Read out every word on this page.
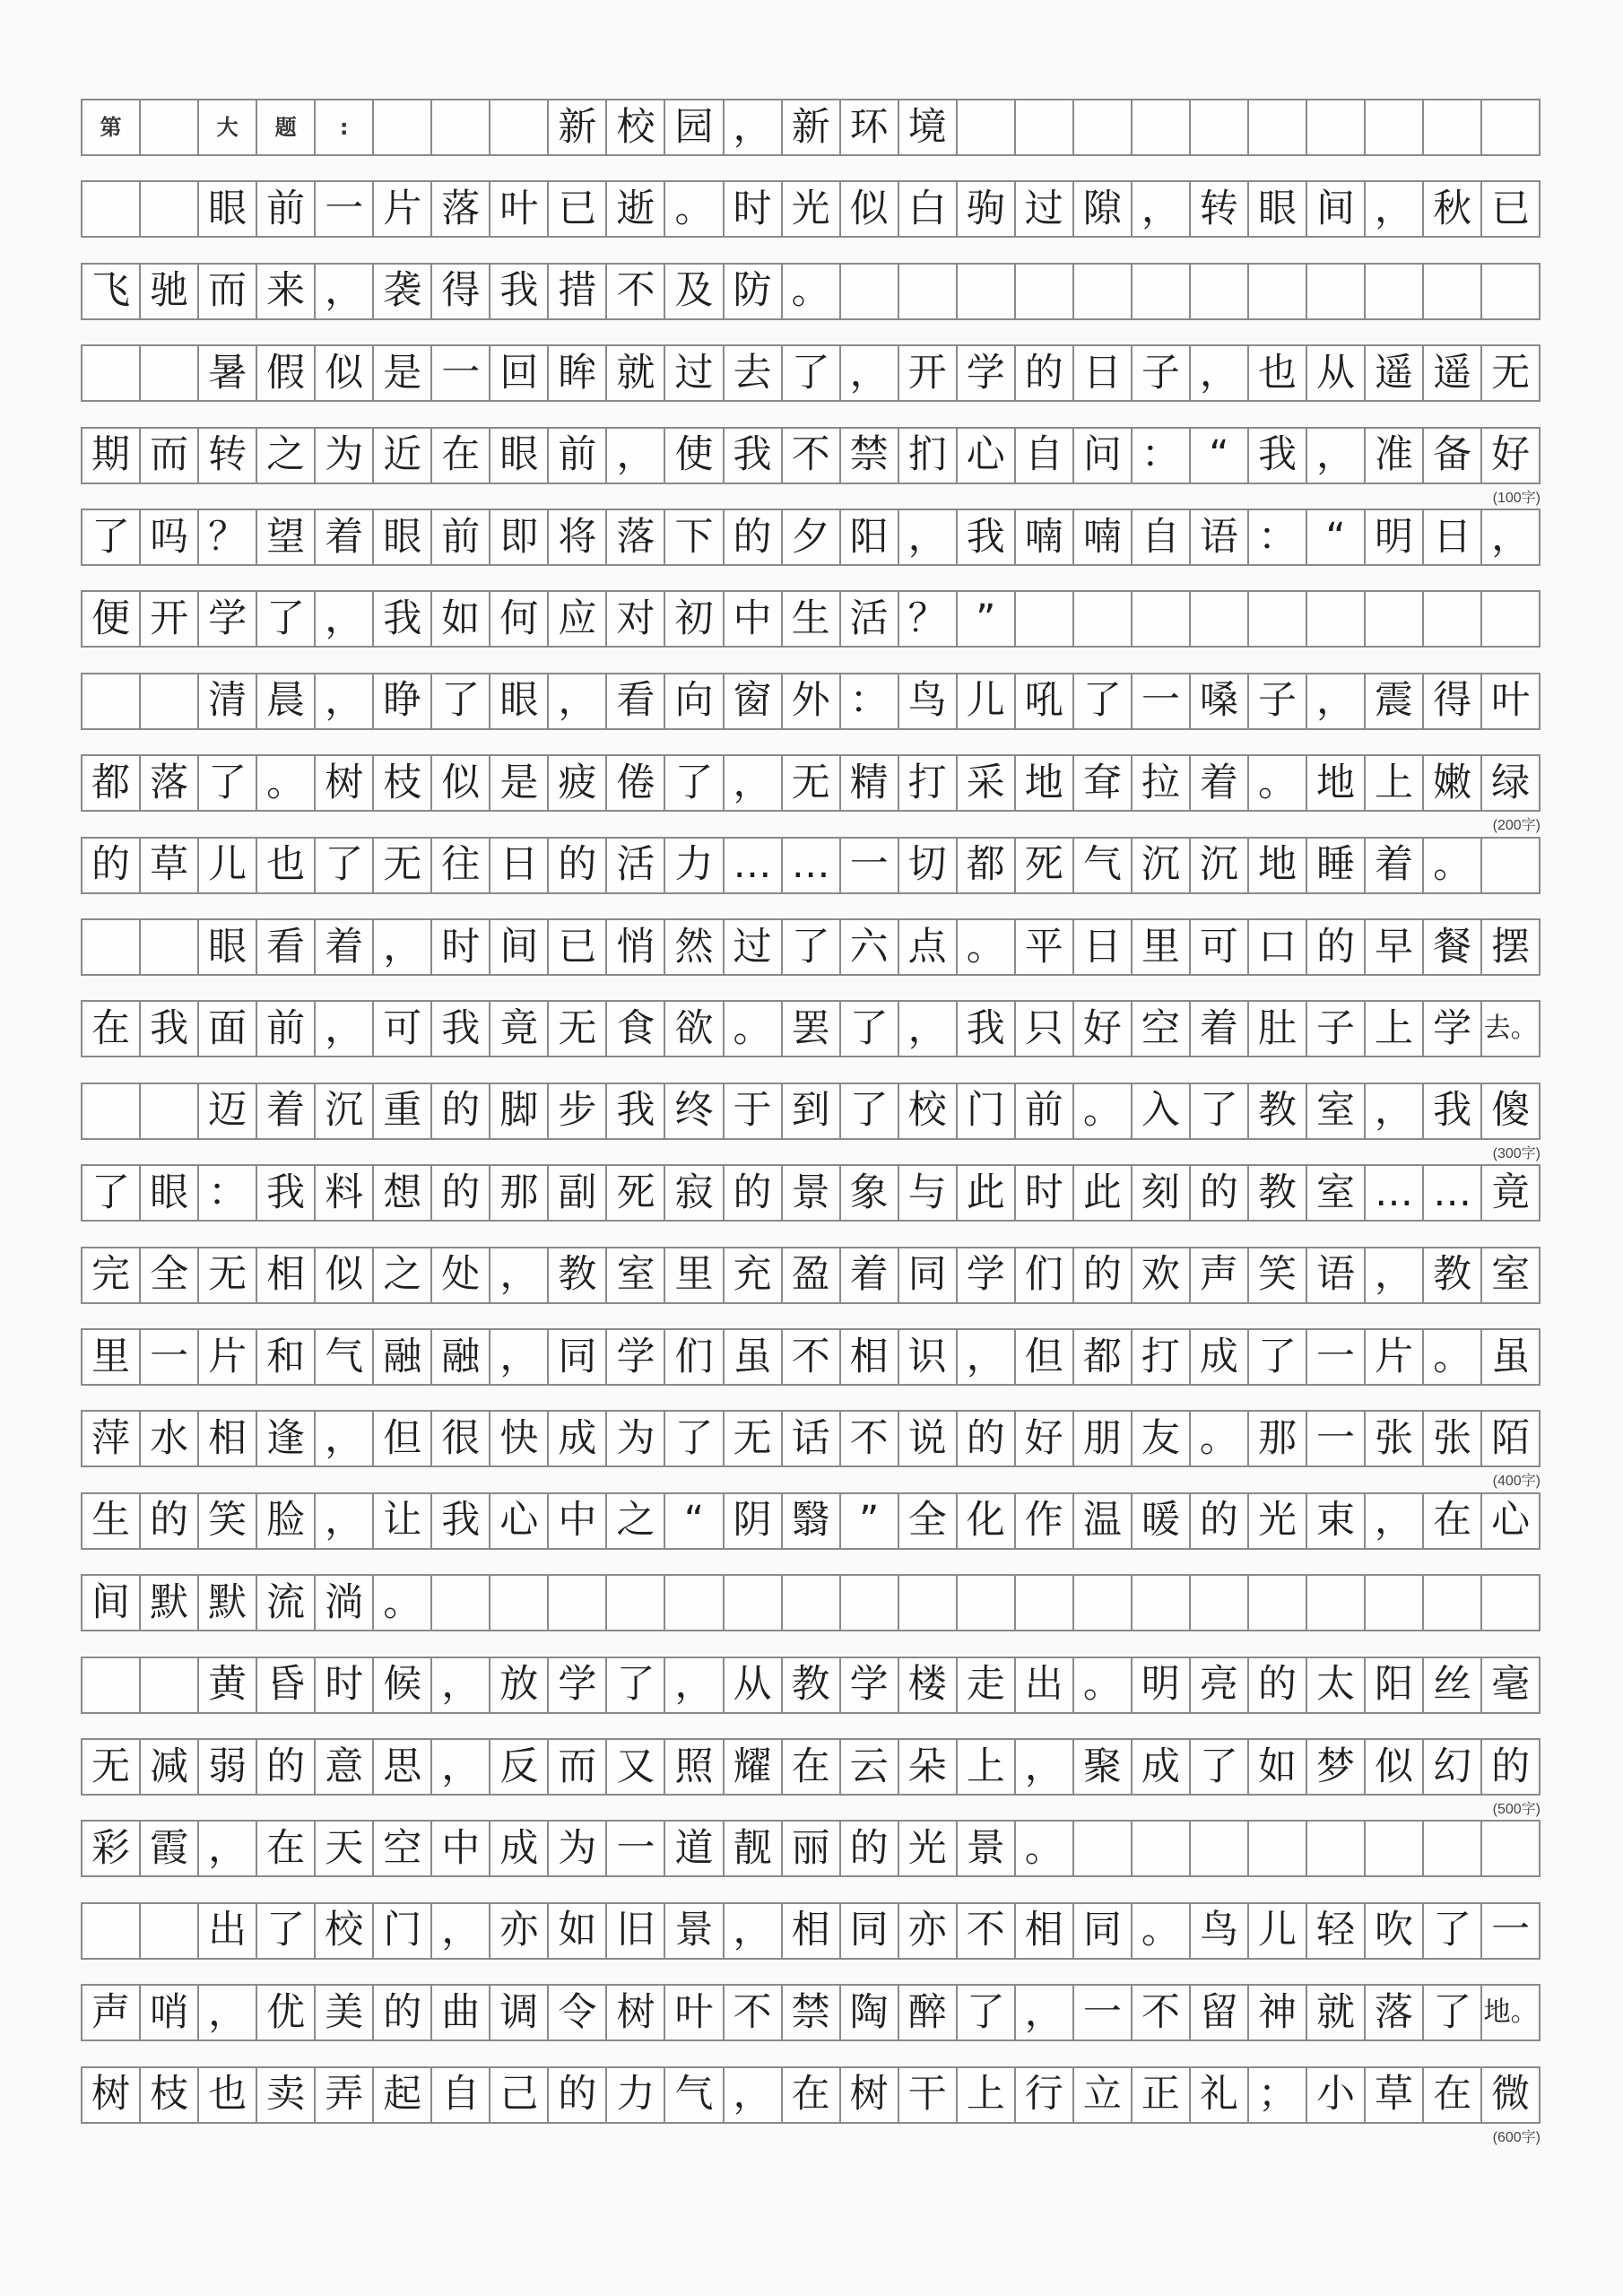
第	大	题	:	新 校 园 ， 新 环 境
眼 前 一 片 落 叶 已 逝 。 时 光 似 白 驹 过 隙 ， 转 眼 间 ， 秋 已
飞 驰 而 来 ， 袭 得 我 措 不 及 防 。
暑 假 似 是 一 回 眸 就 过 去 了 ， 开 学 的 日 子 ， 也 从 遥 遥 无
期 而 转 之 为 近 在 眼 前 ， 使 我 不 禁 扪 心 自 问 ： “ 我 ， 准 备 好
了 吗 ？ 望 着 眼 前 即 将 落 下 的 夕 阳 ， 我 喃 喃 自 语 ： “ 明 日 ，
便 开 学 了 ， 我 如 何 应 对 初 中 生 活 ？ ”
清 晨 ， 睁 了 眼 ， 看 向 窗 外 ： 鸟 儿 吼 了 一 嗓 子 ， 震 得 叶
都 落 了 。 树 枝 似 是 疲 倦 了 ， 无 精 打 采 地 耷 拉 着 。 地 上 嫩 绿
的 草 儿 也 了 无 往 日 的 活 力 … … 一 切 都 死 气 沉 沉 地 睡 着 。
眼 看 着 ， 时 间 已 悄 然 过 了 六 点 。 平 日 里 可 口 的 早 餐 摆
在 我 面 前 ， 可 我 竟 无 食 欲 。 罢 了 ， 我 只 好 空 着 肚 子 上 学 去。
迈 着 沉 重 的 脚 步 我 终 于 到 了 校 门 前 。 入 了 教 室 ， 我 傻
了 眼 ： 我 料 想 的 那 副 死 寂 的 景 象 与 此 时 此 刻 的 教 室 … … 竟
完 全 无 相 似 之 处 ， 教 室 里 充 盈 着 同 学 们 的 欢 声 笑 语 ， 教 室
里 一 片 和 气 融 融 ， 同 学 们 虽 不 相 识 ， 但 都 打 成 了 一 片 。 虽
萍 水 相 逢 ， 但 很 快 成 为 了 无 话 不 说 的 好 朋 友 。 那 一 张 张 陌
生 的 笑 脸 ， 让 我 心 中 之 “ 阴 翳 ” 全 化 作 温 暖 的 光 束 ， 在 心
间 默 默 流 淌 。
黄 昏 时 候 ， 放 学 了 ， 从 教 学 楼 走 出 。 明 亮 的 太 阳 丝 毫
无 减 弱 的 意 思 ， 反 而 又 照 耀 在 云 朵 上 ， 聚 成 了 如 梦 似 幻 的
彩 霞 ， 在 天 空 中 成 为 一 道 靓 丽 的 光 景 。
出 了 校 门 ， 亦 如 旧 景 ， 相 同 亦 不 相 同 。 鸟 儿 轻 吹 了 一
声 哨 ， 优 美 的 曲 调 令 树 叶 不 禁 陶 醉 了 ， 一 不 留 神 就 落 了 地。
树 枝 也 卖 弄 起 自 己 的 力 气 ， 在 树 干 上 行 立 正 礼 ； 小 草 在 微
(100字)
(200字)
(300字)
(400字)
(500字)
(600字)
